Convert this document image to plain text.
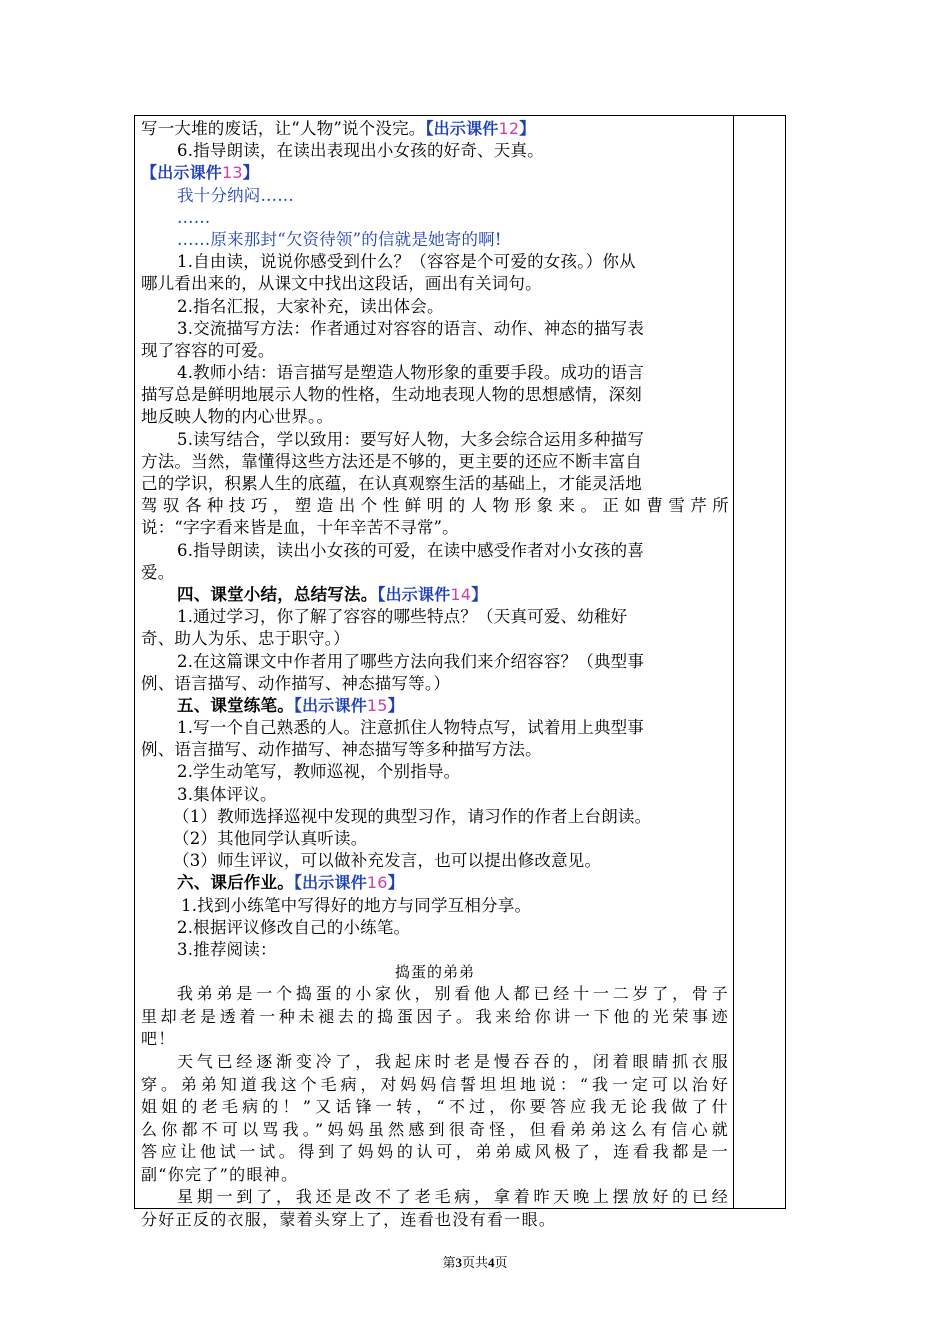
写一大堆的废话，让“人物”说个没完。【出示课件12】
6.指导朗读，在读出表现出小女孩的好奇、天真。
【出示课件13】
我十分纳闷……
……
……原来那封“欠资待领”的信就是她寄的啊!
1.自由读，说说你感受到什么？（容容是个可爱的女孩。）你从
哪儿看出来的，从课文中找出这段话，画出有关词句。
2.指名汇报，大家补充，读出体会。
3.交流描写方法：作者通过对容容的语言、动作、神态的描写表
现了容容的可爱。
4.教师小结：语言描写是塑造人物形象的重要手段。成功的语言
描写总是鲜明地展示人物的性格，生动地表现人物的思想感情，深刻
地反映人物的内心世界。。
5.读写结合，学以致用：要写好人物，大多会综合运用多种描写
方法。当然，靠懂得这些方法还是不够的，更主要的还应不断丰富自
己的学识，积累人生的底蕴，在认真观察生活的基础上，才能灵活地
驾驭各种技巧，塑造出个性鲜明的人物形象来。正如曹雪芹所
说：“字字看来皆是血，十年辛苦不寻常”。
6.指导朗读，读出小女孩的可爱，在读中感受作者对小女孩的喜
爱。
四、课堂小结，总结写法。【出示课件14】
1.通过学习，你了解了容容的哪些特点？（天真可爱、幼稚好
奇、助人为乐、忠于职守。）
2.在这篇课文中作者用了哪些方法向我们来介绍容容？（典型事
例、语言描写、动作描写、神态描写等。）
五、课堂练笔。【出示课件15】
1.写一个自己熟悉的人。注意抓住人物特点写，试着用上典型事
例、语言描写、动作描写、神态描写等多种描写方法。
2.学生动笔写，教师巡视，个别指导。
3.集体评议。
（1）教师选择巡视中发现的典型习作，请习作的作者上台朗读。
（2）其他同学认真听读。
（3）师生评议，可以做补充发言，也可以提出修改意见。
六、课后作业。【出示课件16】
1.找到小练笔中写得好的地方与同学互相分享。
2.根据评议修改自己的小练笔。
3.推荐阅读：
捣蛋的弟弟
我弟弟是一个捣蛋的小家伙，别看他人都已经十一二岁了，骨子
里却老是透着一种未褪去的捣蛋因子。我来给你讲一下他的光荣事迹
吧！
天气已经逐渐变冷了，我起床时老是慢吞吞的，闭着眼睛抓衣服
穿。弟弟知道我这个毛病，对妈妈信誓坦坦地说：“我一定可以治好
姐姐的老毛病的！”又话锋一转，“不过，你要答应我无论我做了什
么你都不可以骂我。”妈妈虽然感到很奇怪，但看弟弟这么有信心就
答应让他试一试。得到了妈妈的认可，弟弟威风极了，连看我都是一
副“你完了”的眼神。
星期一到了，我还是改不了老毛病，拿着昨天晚上摆放好的已经
分好正反的衣服，蒙着头穿上了，连看也没有看一眼。
第3页共4页
